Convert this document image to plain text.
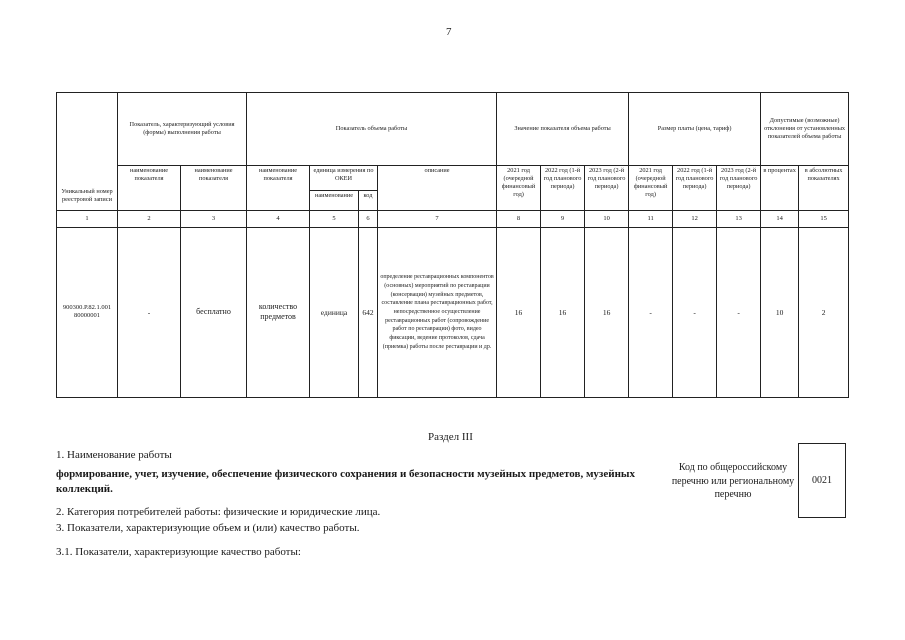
7
Уникальный номер реестровой записи	Показатель, характеризующий условия (формы) выполнения работы		Показатель объема работы				Значение показателя объема работы			Размер платы (цена, тариф)			Допустимые (возможные) отклонения от установленных показателей объема работы	
	наименование показателя	наименование показателя	наименование показателя	единица измерения по ОКЕИ		описание	2021 год (очередной финансовый год)	2022 год (1-й год планового периода)	2023 год (2-й год планового периода)	2021 год (очередной финансовый год)	2022 год (1-й год планового периода)	2023 год (2-й год планового периода)	в процентах	в абсолютных показателях
				наименование	код									
1	2	3	4	5	6	7	8	9	10	11	12	13	14	15
900300.Р.82.1.001 80000001	-	бесплатно	количество предметов	единица	642	определение реставрационных компонентов (основных) мероприятий по реставрации (консервации) музейных предметов, составление плана реставрационных работ, непосредственное осуществление реставрационных работ (сопровождение работ по реставрации) фото, видео фиксации, ведение протоколов, сдача (приемка) работы после реставрации и др.	16	16	16	-	-	-	10	2
Раздел III
1. Наименование работы
формирование, учет, изучение, обеспечение физического сохранения и безопасности музейных предметов, музейных коллекций.
2. Категория потребителей работы: физические и юридические лица.
3. Показатели, характеризующие объем и (или) качество работы.
3.1. Показатели, характеризующие качество работы:
Код по общероссийскому перечню или региональному перечню
0021
